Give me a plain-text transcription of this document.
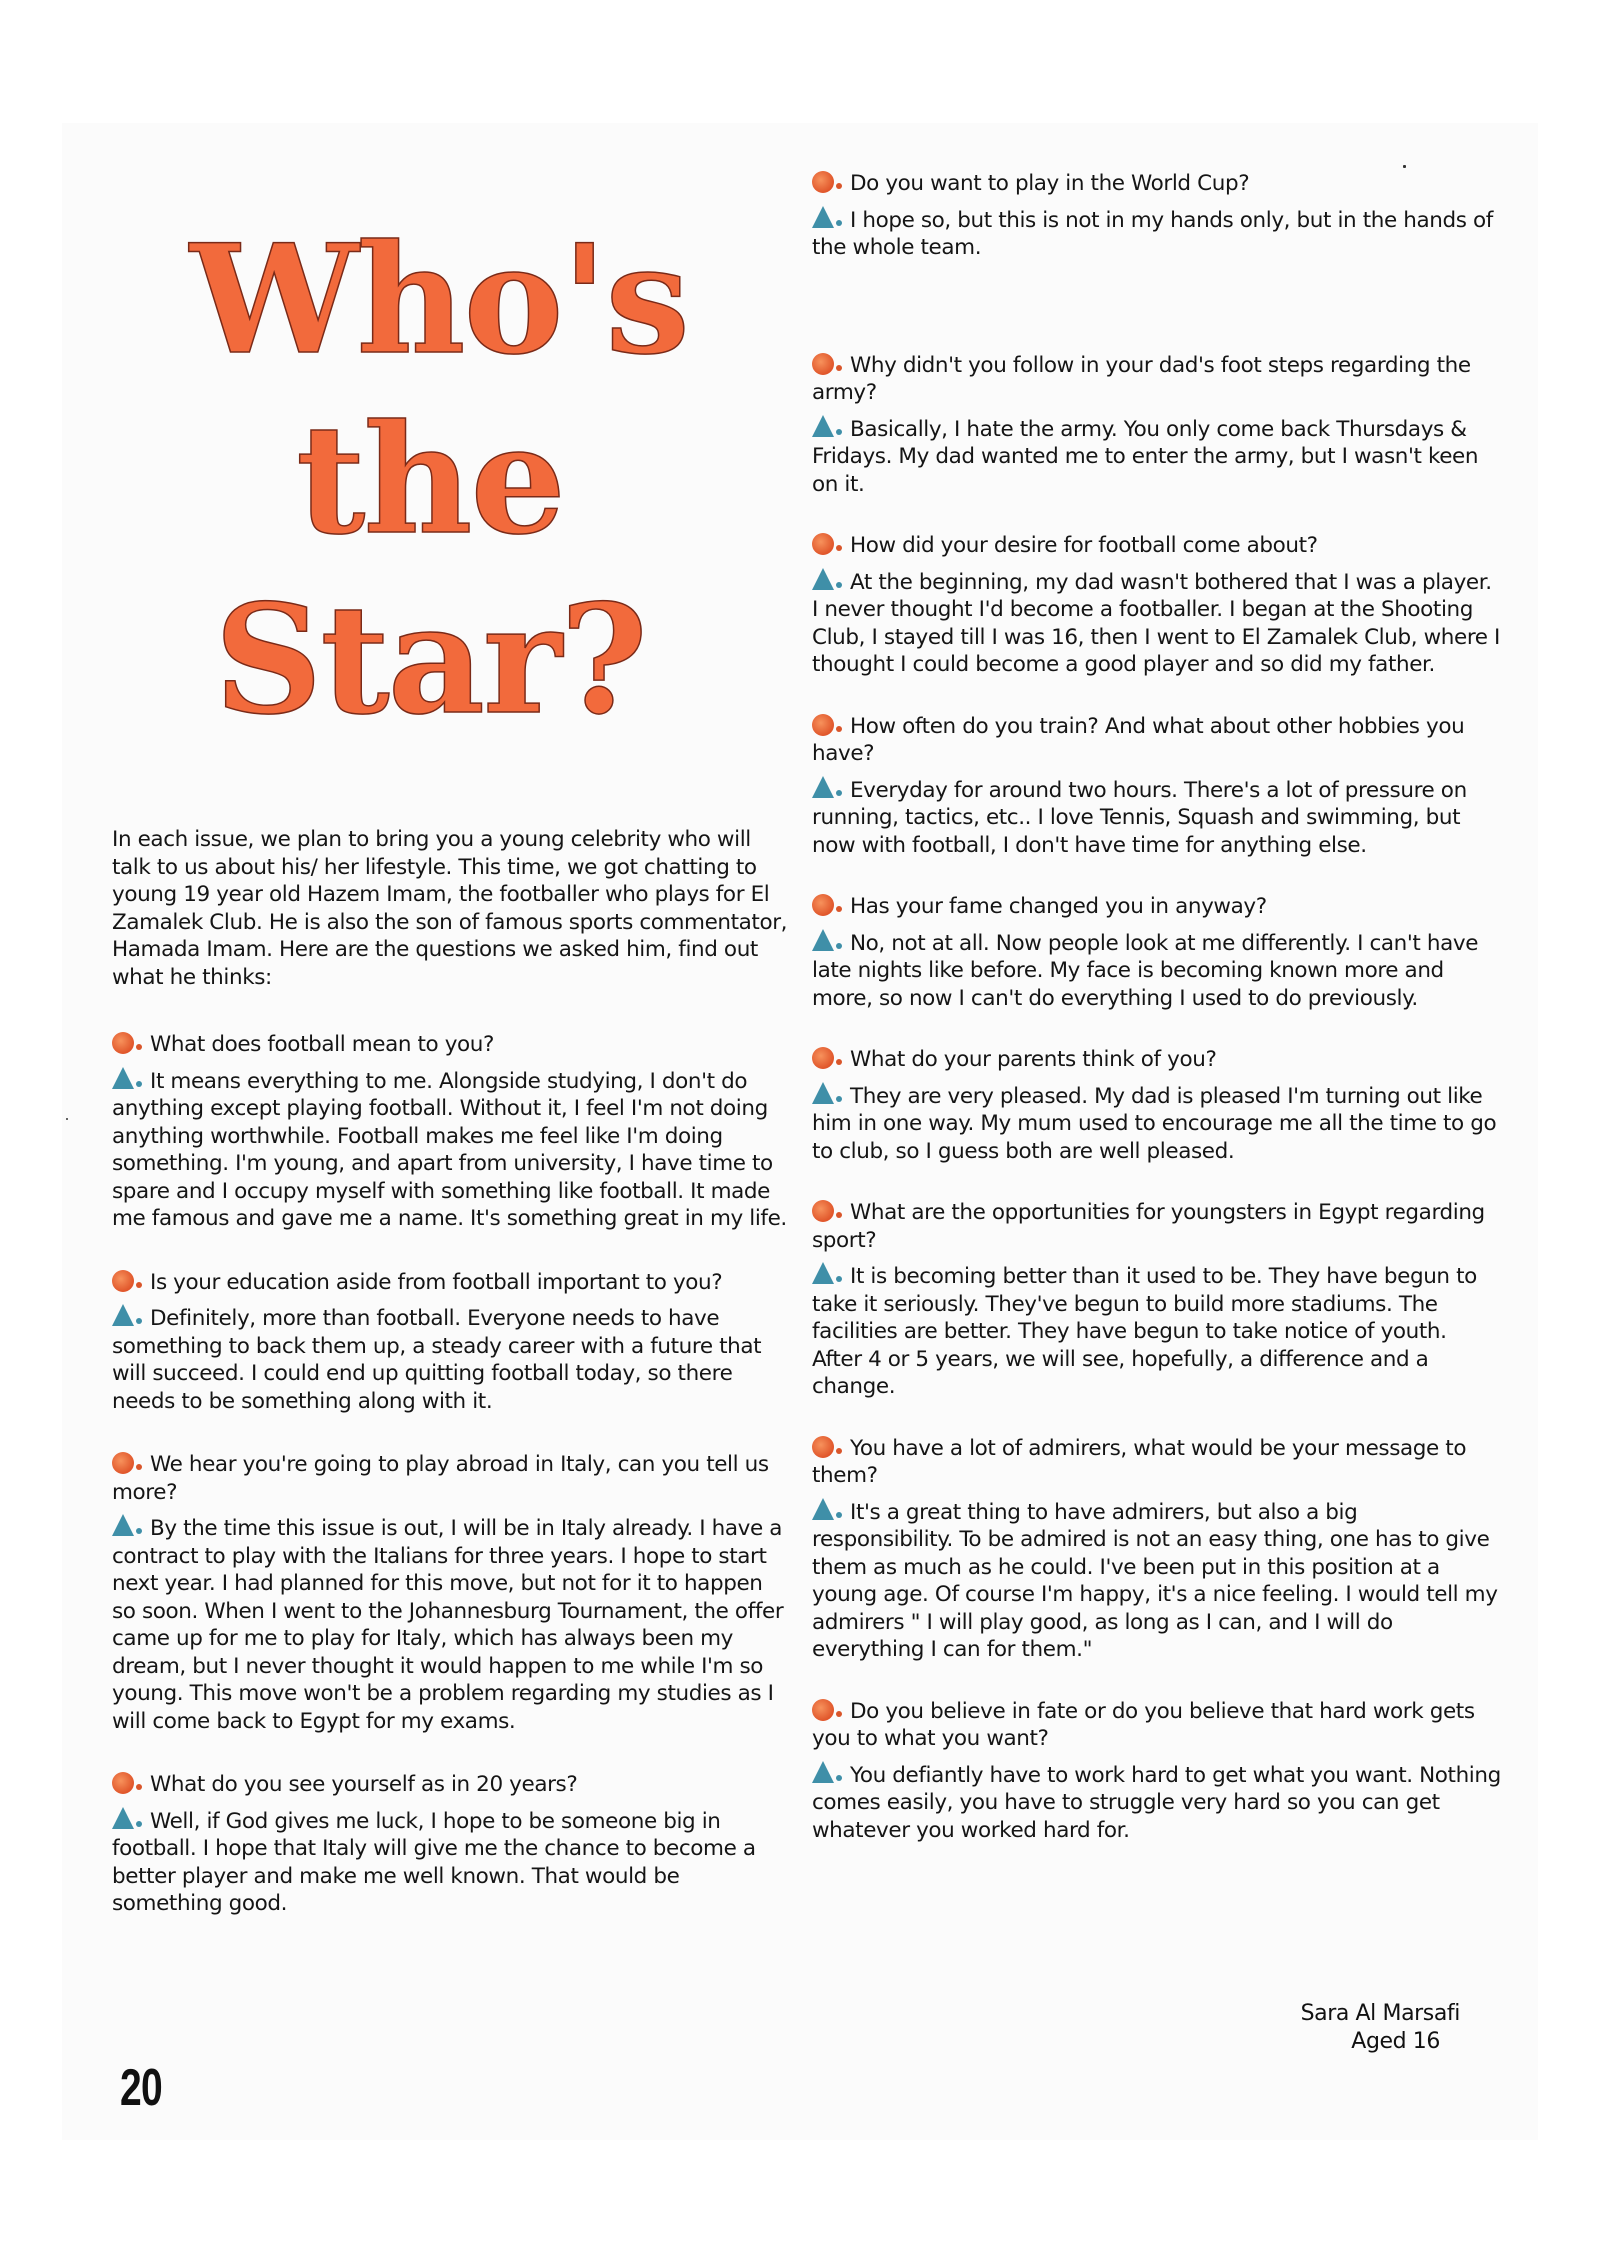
Who's
the
Star?

In each issue, we plan to bring you a young celebrity who will talk to us about his/ her lifestyle. This time, we got chatting to young 19 year old Hazem Imam, the footballer who plays for El Zamalek Club. He is also the son of famous sports commentator, Hamada Imam. Here are the questions we asked him, find out what he thinks:

What does football mean to you?

It means everything to me. Alongside studying, I don't do anything except playing football. Without it, I feel I'm not doing anything worthwhile. Football makes me feel like I'm doing something. I'm young, and apart from university, I have time to spare and I occupy myself with something like football. It made me famous and gave me a name. It's something great in my life.

Is your education aside from football important to you?

Definitely, more than football. Everyone needs to have something to back them up, a steady career with a future that will succeed. I could end up quitting football today, so there needs to be something along with it.

We hear you're going to play abroad in Italy, can you tell us more?

By the time this issue is out, I will be in Italy already. I have a contract to play with the Italians for three years. I hope to start next year. I had planned for this move, but not for it to happen so soon. When I went to the Johannesburg Tournament, the offer came up for me to play for Italy, which has always been my dream, but I never thought it would happen to me while I'm so young. This move won't be a problem regarding my studies as I will come back to Egypt for my exams.

What do you see yourself as in 20 years?

Well, if God gives me luck, I hope to be someone big in football. I hope that Italy will give me the chance to become a better player and make me well known. That would be something good.

Do you want to play in the World Cup?

I hope so, but this is not in my hands only, but in the hands of the whole team.

Why didn't you follow in your dad's foot steps regarding the army?

Basically, I hate the army. You only come back Thursdays & Fridays. My dad wanted me to enter the army, but I wasn't keen on it.

How did your desire for football come about?

At the beginning, my dad wasn't bothered that I was a player. I never thought I'd become a footballer. I began at the Shooting Club, I stayed till I was 16, then I went to El Zamalek Club, where I thought I could become a good player and so did my father.

How often do you train? And what about other hobbies you have?

Everyday for around two hours. There's a lot of pressure on running, tactics, etc.. I love Tennis, Squash and swimming, but now with football, I don't have time for anything else.

Has your fame changed you in anyway?

No, not at all. Now people look at me differently. I can't have late nights like before. My face is becoming known more and more, so now I can't do everything I used to do previously.

What do your parents think of you?

They are very pleased. My dad is pleased I'm turning out like him in one way. My mum used to encourage me all the time to go to club, so I guess both are well pleased.

What are the opportunities for youngsters in Egypt regarding sport?

It is becoming better than it used to be. They have begun to take it seriously. They've begun to build more stadiums. The facilities are better. They have begun to take notice of youth. After 4 or 5 years, we will see, hopefully, a difference and a change.

You have a lot of admirers, what would be your message to them?

It's a great thing to have admirers, but also a big responsibility. To be admired is not an easy thing, one has to give them as much as he could. I've been put in this position at a young age. Of course I'm happy, it's a nice feeling. I would tell my admirers " I will play good, as long as I can, and I will do everything I can for them."

Do you believe in fate or do you believe that hard work gets you to what you want?

You defiantly have to work hard to get what you want. Nothing comes easily, you have to struggle very hard so you can get whatever you worked hard for.

Sara Al Marsafi
Aged 16
20
